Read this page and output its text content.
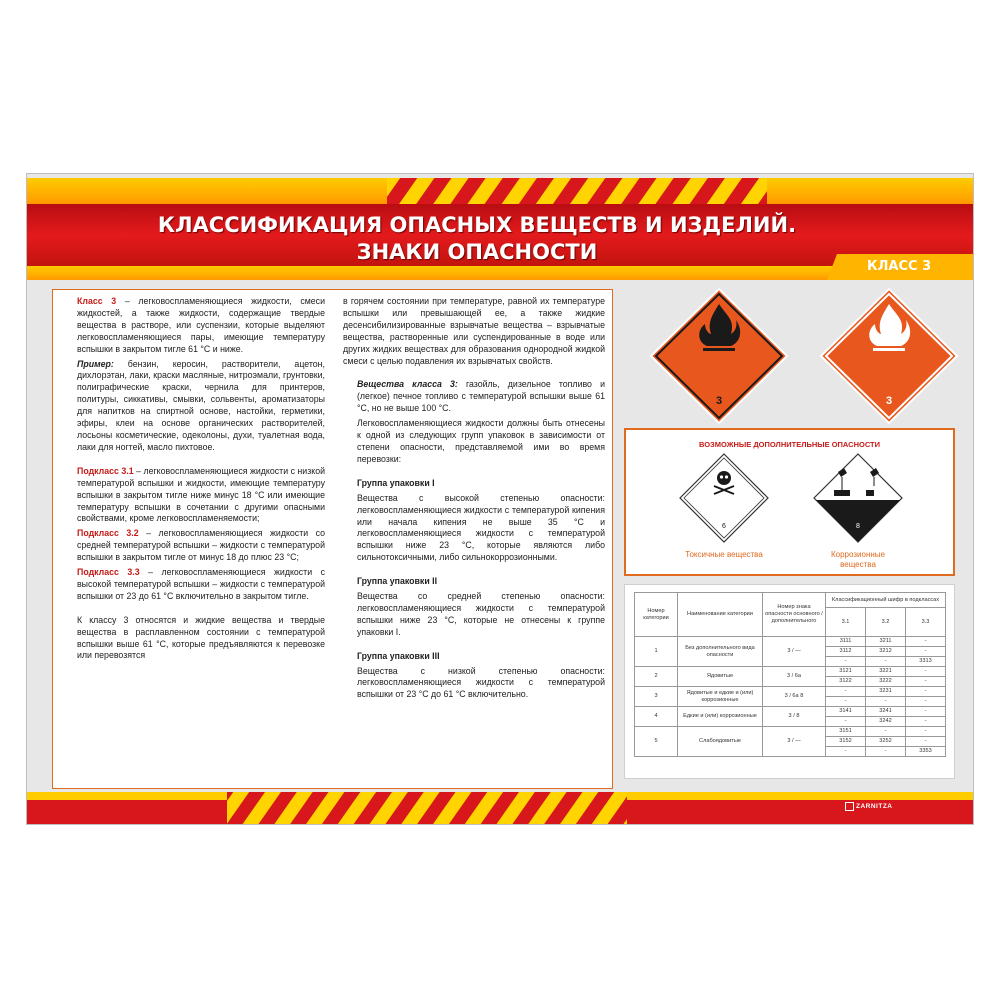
КЛАССИФИКАЦИЯ ОПАСНЫХ ВЕЩЕСТВ И ИЗДЕЛИЙ.
ЗНАКИ ОПАСНОСТИ
КЛАСС 3

Класс 3 – легковоспламеняющиеся жидкости, смеси жидкостей, а также жидкости, содержащие твердые вещества в растворе, или суспензии, которые выделяют легковоспламеняющиеся пары, имеющие температуру вспышки в закрытом тигле 61 °С и ниже.

Пример: бензин, керосин, растворители, ацетон, дихлорэтан, лаки, краски масляные, нитроэмали, грунтовки, полиграфические краски, чернила для принтеров, политуры, сиккативы, смывки, сольвенты, ароматизаторы для напитков на спиртной основе, настойки, герметики, эфиры, клеи на основе органических растворителей, лосьоны косметические, одеколоны, духи, туалетная вода, лаки для ногтей, масло пихтовое.

Подкласс 3.1 – легковоспламеняющиеся жидкости с низкой температурой вспышки и жидкости, имеющие температуру вспышки в закрытом тигле ниже минус 18 °С или имеющие температуру вспышки в сочетании с другими опасными свойствами, кроме легковоспламеняемости;

Подкласс 3.2 – легковоспламеняющиеся жидкости со средней температурой вспышки – жидкости с температурой вспышки в закрытом тигле от минус 18 до плюс 23 °С;

Подкласс 3.3 – легковоспламеняющиеся жидкости с высокой температурой вспышки – жидкости с температурой вспышки от 23 до 61 °С включительно в закрытом тигле.

К классу 3 относятся и жидкие вещества и твердые вещества в расплавленном состоянии с температурой вспышки выше 61 °С, которые предъявляются к перевозке или перевозятся

в горячем состоянии при температуре, равной их температуре вспышки или превышающей ее, а также жидкие десенсибилизированные взрывчатые вещества – взрывчатые вещества, растворенные или суспендированные в воде или других жидких веществах для образования однородной жидкой смеси с целью подавления их взрывчатых свойств.

Вещества класса 3: газойль, дизельное топливо и (легкое) печное топливо с температурой вспышки выше 61 °С, но не выше 100 °С.

Легковоспламеняющиеся жидкости должны быть отнесены к одной из следующих групп упаковок в зависимости от степени опасности, представляемой ими во время перевозки:

Группа упаковки I

Вещества с высокой степенью опасности: легковоспламеняющиеся жидкости с температурой кипения или начала кипения не выше 35 °С и легковоспламеняющиеся жидкости с температурой вспышки ниже 23 °С, которые являются либо сильнотоксичными, либо сильнокоррозионными.

Группа упаковки II

Вещества со средней степенью опасности: легковоспламеняющиеся жидкости с температурой вспышки ниже 23 °С, которые не отнесены к группе упаковки I.

Группа упаковки III

Вещества с низкой степенью опасности: легковоспламеняющиеся жидкости с температурой вспышки от 23 °С до 61 °С включительно.

3	3
ВОЗМОЖНЫЕ ДОПОЛНИТЕЛЬНЫЕ ОПАСНОСТИ
6	8
Токсичные вещества	Коррозионные вещества
Номер категории	Наименование категории	Номер знака опасности основного / дополнительного	Классификационный шифр в подклассах		
			3.1	3.2	3.3
1	Без дополнительного вида опасности	3 / —	3111	3211	-
			3112	3212	-
			-	-	3313
2	Ядовитые	3 / 6а	3121	3221	-
			3122	3222	-
3	Ядовитые и едкие и (или) коррозионные	3 / 6а 8	-	3231	-
			-	-	-
4	Едкие и (или) коррозионные	3 / 8	3141	3241	-
			-	3242	-
5	Слабоядовитые	3 / —	3151	-	-
			3152	3252	-
			-	-	3353
ZARNITZA
